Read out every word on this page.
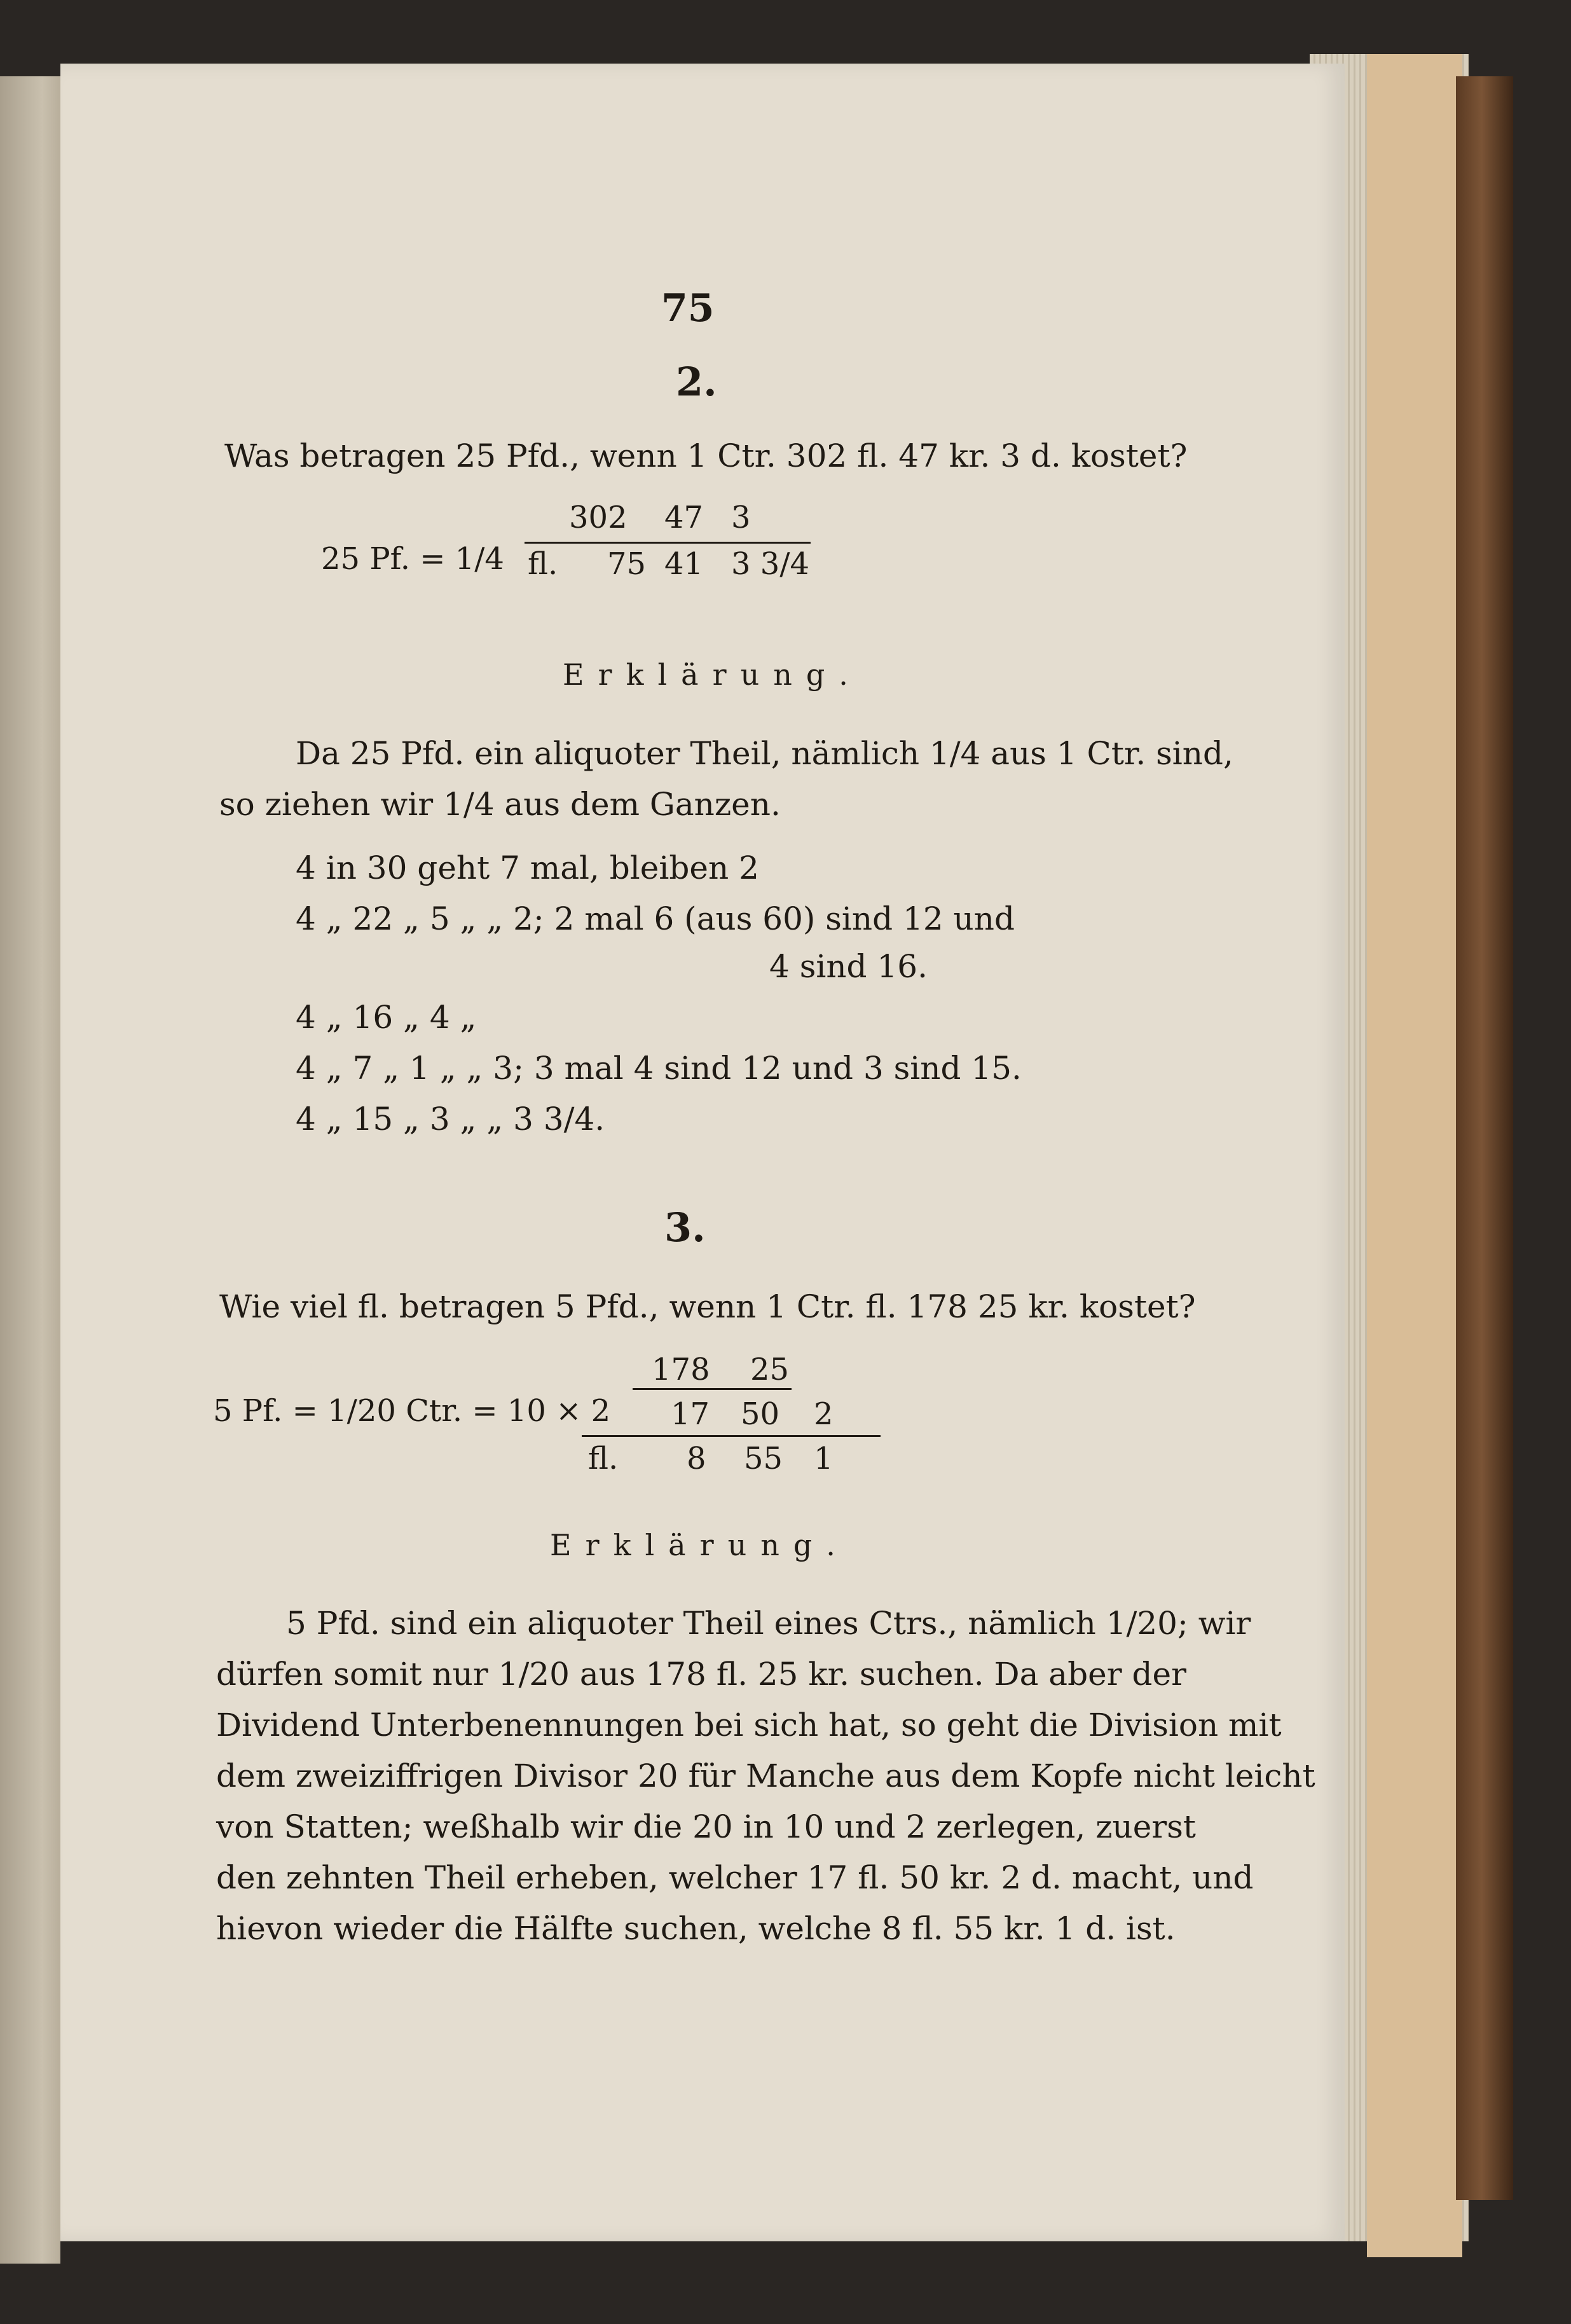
75
2.
Was betragen 25 Pfd., wenn 1 Ctr. 302 fl. 47 kr. 3 d. kostet?
25 Pf. = 1/4
302 47 3
fl. 75 41 3 3/4
Erklärung.
Da 25 Pfd. ein aliquoter Theil, nämlich 1/4 aus 1 Ctr. sind,
so ziehen wir 1/4 aus dem Ganzen.
4 in 30 geht 7 mal, bleiben 2
4 „ 22 „ 5 „ „ 2; 2 mal 6 (aus 60) sind 12 und
4 sind 16.
4 „ 16 „ 4 „
4 „ 7 „ 1 „ „ 3; 3 mal 4 sind 12 und 3 sind 15.
4 „ 15 „ 3 „ „ 3 3/4.
3.
Wie viel fl. betragen 5 Pfd., wenn 1 Ctr. fl. 178 25 kr. kostet?
178 25
5 Pf. = 1/20 Ctr. = 10 × 2 17 50 2
fl. 8 55 1
Erklärung.
5 Pfd. sind ein aliquoter Theil eines Ctrs., nämlich 1/20; wir
dürfen somit nur 1/20 aus 178 fl. 25 kr. suchen. Da aber der
Dividend Unterbenennungen bei sich hat, so geht die Division mit
dem zweiziffrigen Divisor 20 für Manche aus dem Kopfe nicht leicht
von Statten; weßhalb wir die 20 in 10 und 2 zerlegen, zuerst
den zehnten Theil erheben, welcher 17 fl. 50 kr. 2 d. macht, und
hievon wieder die Hälfte suchen, welche 8 fl. 55 kr. 1 d. ist.
